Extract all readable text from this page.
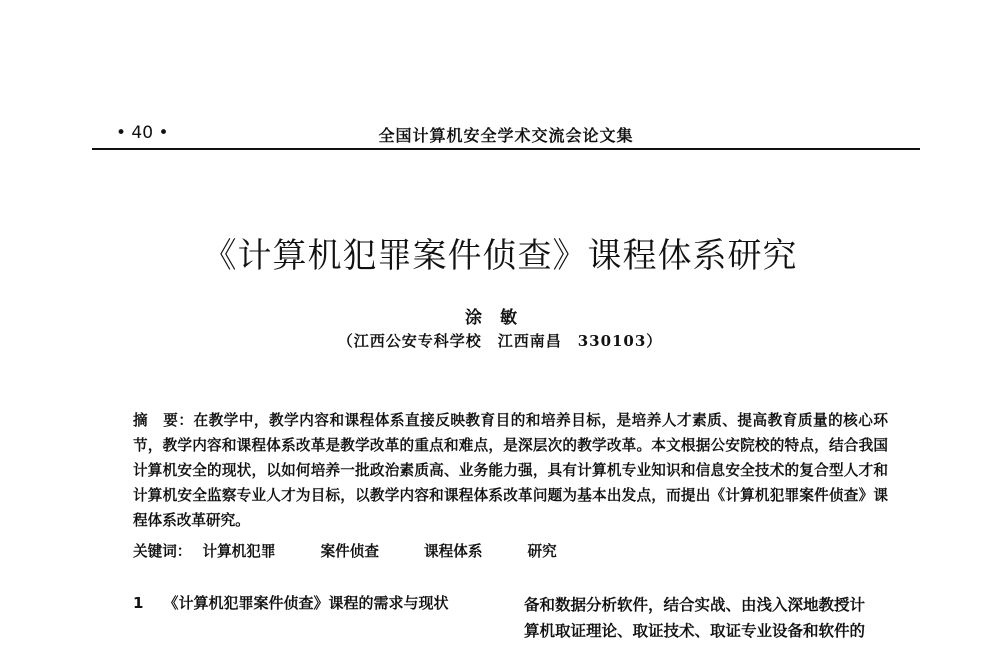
• 40 •	全国计算机安全学术交流会论文集
《计算机犯罪案件侦查》课程体系研究
涂敏
（江西公安专科学校　江西南昌　330103）
摘　要：在教学中，教学内容和课程体系直接反映教育目的和培养目标，是培养人才素质、提高教育质量的核心环节，教学内容和课程体系改革是教学改革的重点和难点，是深层次的教学改革。本文根据公安院校的特点，结合我国计算机安全的现状，以如何培养一批政治素质高、业务能力强，具有计算机专业知识和信息安全技术的复合型人才和计算机安全监察专业人才为目标，以教学内容和课程体系改革问题为基本出发点，而提出《计算机犯罪案件侦查》课程体系改革研究。
关键词： 计算机犯罪	案件侦查	课程体系	研究
1 《计算机犯罪案件侦查》课程的需求与现状	备和数据分析软件，结合实战、由浅入深地教授计
算机取证理论、取证技术、取证专业设备和软件的
